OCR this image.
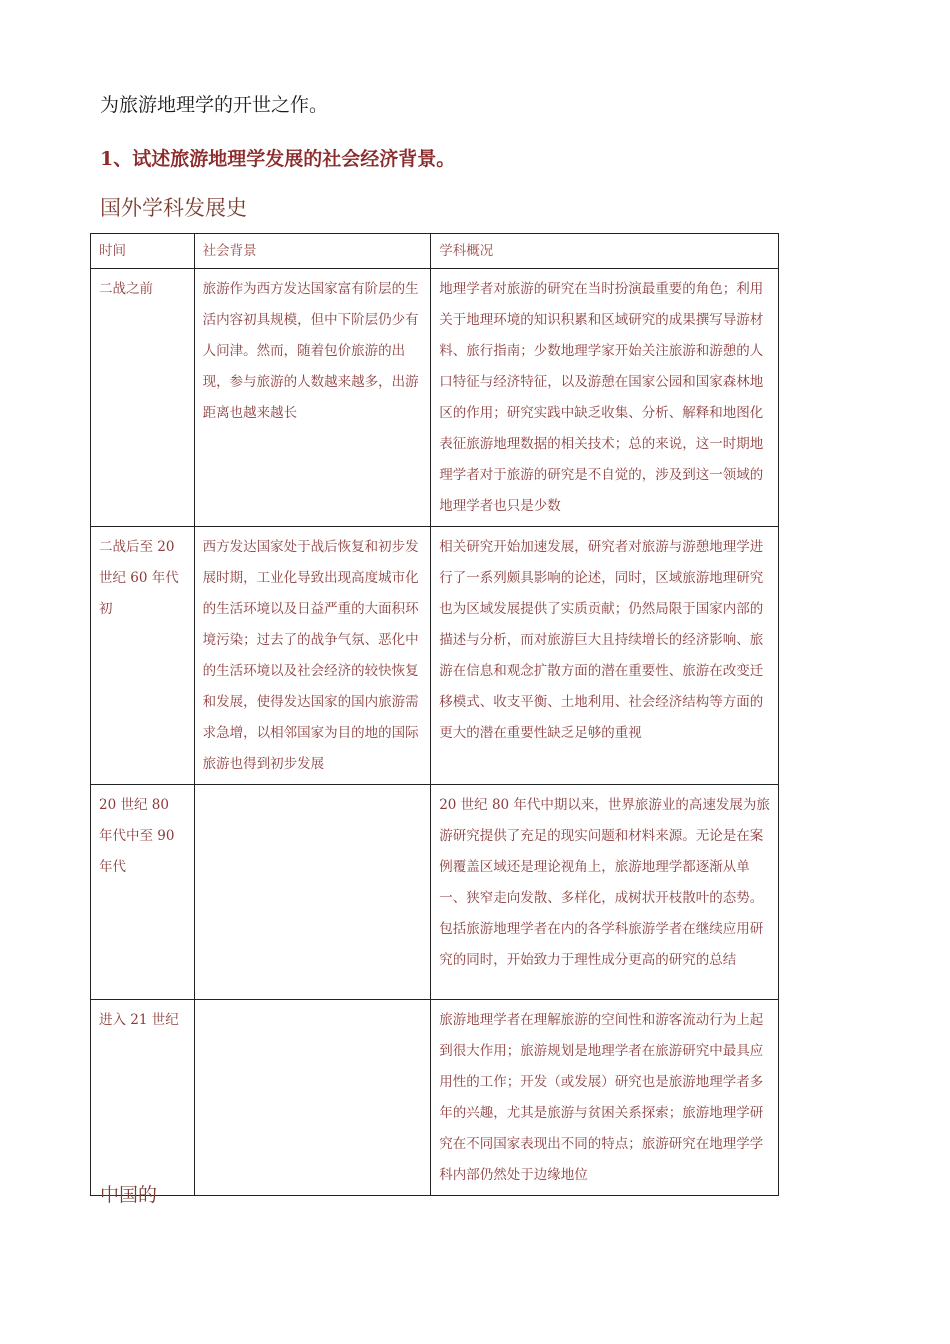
为旅游地理学的开世之作。
1、试述旅游地理学发展的社会经济背景。
国外学科发展史
时间	社会背景	学科概况
二战之前	旅游作为西方发达国家富有阶层的生活内容初具规模，但中下阶层仍少有人问津。然而，随着包价旅游的出现，参与旅游的人数越来越多，出游距离也越来越长	地理学者对旅游的研究在当时扮演最重要的角色；利用关于地理环境的知识积累和区域研究的成果撰写导游材料、旅行指南；少数地理学家开始关注旅游和游憩的人口特征与经济特征，以及游憩在国家公园和国家森林地区的作用；研究实践中缺乏收集、分析、解释和地图化表征旅游地理数据的相关技术；总的来说，这一时期地理学者对于旅游的研究是不自觉的，涉及到这一领域的地理学者也只是少数
二战后至 20 世纪 60 年代初	西方发达国家处于战后恢复和初步发展时期，工业化导致出现高度城市化的生活环境以及日益严重的大面积环境污染；过去了的战争气氛、恶化中的生活环境以及社会经济的较快恢复和发展，使得发达国家的国内旅游需求急增，以相邻国家为目的地的国际旅游也得到初步发展	相关研究开始加速发展，研究者对旅游与游憩地理学进行了一系列颇具影响的论述，同时，区域旅游地理研究也为区域发展提供了实质贡献；仍然局限于国家内部的描述与分析，而对旅游巨大且持续增长的经济影响、旅游在信息和观念扩散方面的潜在重要性、旅游在改变迁移模式、收支平衡、土地利用、社会经济结构等方面的更大的潜在重要性缺乏足够的重视
20 世纪 80 年代中至 90 年代		20 世纪 80 年代中期以来，世界旅游业的高速发展为旅游研究提供了充足的现实问题和材料来源。无论是在案例覆盖区域还是理论视角上，旅游地理学都逐渐从单一、狭窄走向发散、多样化，成树状开枝散叶的态势。包括旅游地理学者在内的各学科旅游学者在继续应用研究的同时，开始致力于理性成分更高的研究的总结
进入 21 世纪		旅游地理学者在理解旅游的空间性和游客流动行为上起到很大作用；旅游规划是地理学者在旅游研究中最具应用性的工作；开发（或发展）研究也是旅游地理学者多年的兴趣，尤其是旅游与贫困关系探索；旅游地理学研究在不同国家表现出不同的特点；旅游研究在地理学学科内部仍然处于边缘地位
中国的
